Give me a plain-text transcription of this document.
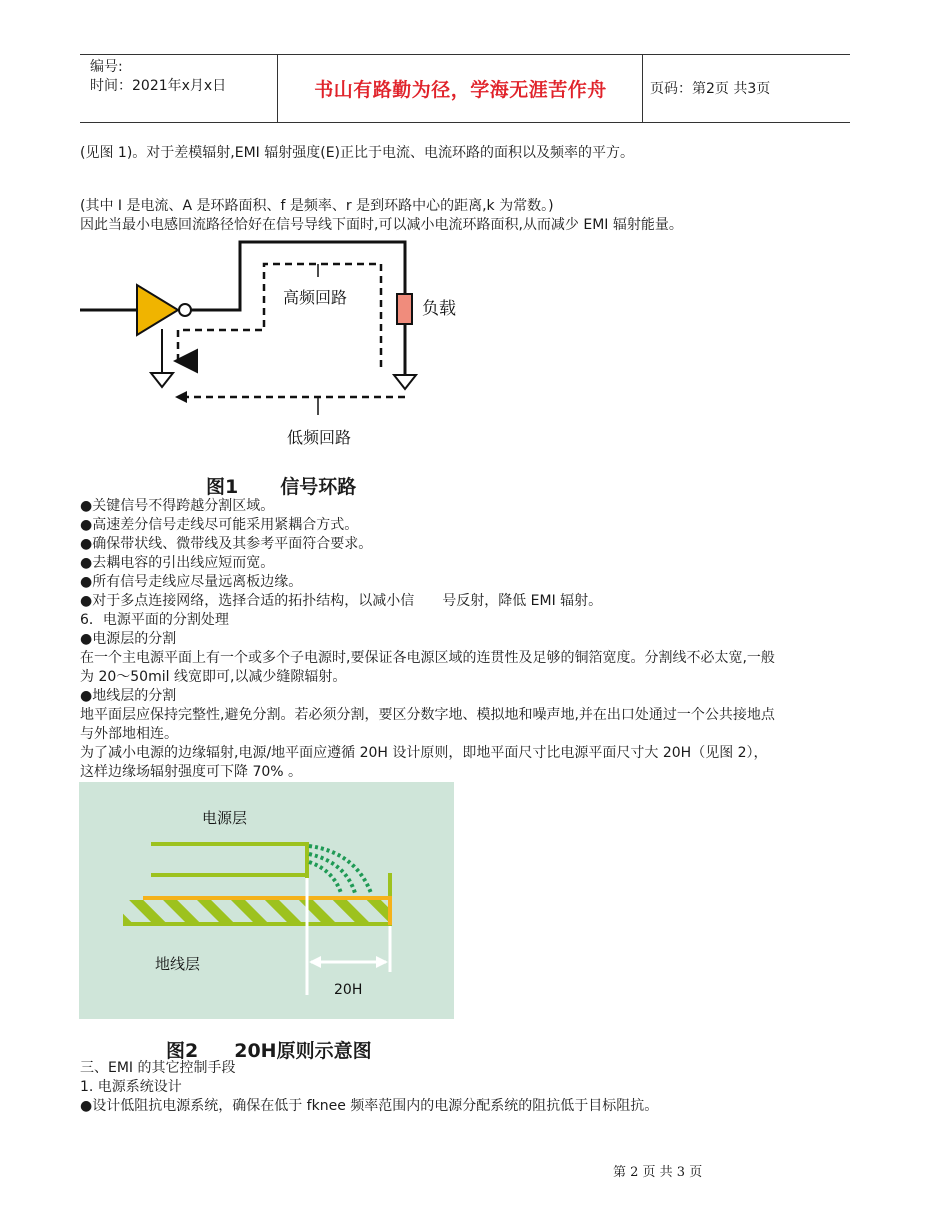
编号:
时间：2021年x月x日	书山有路勤为径，学海无涯苦作舟	页码：第2页 共3页
(见图 1)。对于差模辐射,EMI 辐射强度(E)正比于电流、电流环路的面积以及频率的平方。
(其中 I 是电流、A 是环路面积、f 是频率、r 是到环路中心的距离,k 为常数。)
因此当最小电感回流路径恰好在信号导线下面时,可以减小电流环路面积,从而减少 EMI 辐射能量。
高频回路
负载
低频回路
图1 信号环路
●关键信号不得跨越分割区域。
●高速差分信号走线尽可能采用紧耦合方式。
●确保带状线、微带线及其参考平面符合要求。
●去耦电容的引出线应短而宽。
●所有信号走线应尽量远离板边缘。
●对于多点连接网络，选择合适的拓扑结构，以减小信　　号反射，降低 EMI 辐射。
6．电源平面的分割处理
●电源层的分割
在一个主电源平面上有一个或多个子电源时,要保证各电源区域的连贯性及足够的铜箔宽度。分割线不必太宽,一般
为 20～50mil 线宽即可,以减少缝隙辐射。
●地线层的分割
地平面层应保持完整性,避免分割。若必须分割，要区分数字地、模拟地和噪声地,并在出口处通过一个公共接地点
与外部地相连。
为了减小电源的边缘辐射,电源/地平面应遵循 20H 设计原则，即地平面尺寸比电源平面尺寸大 20H（见图 2），
这样边缘场辐射强度可下降 70% 。
电源层
地线层
20H
图2 20H原则示意图
三、EMI 的其它控制手段
1. 电源系统设计
●设计低阻抗电源系统，确保在低于 fknee 频率范围内的电源分配系统的阻抗低于目标阻抗。
第 2 页 共 3 页
